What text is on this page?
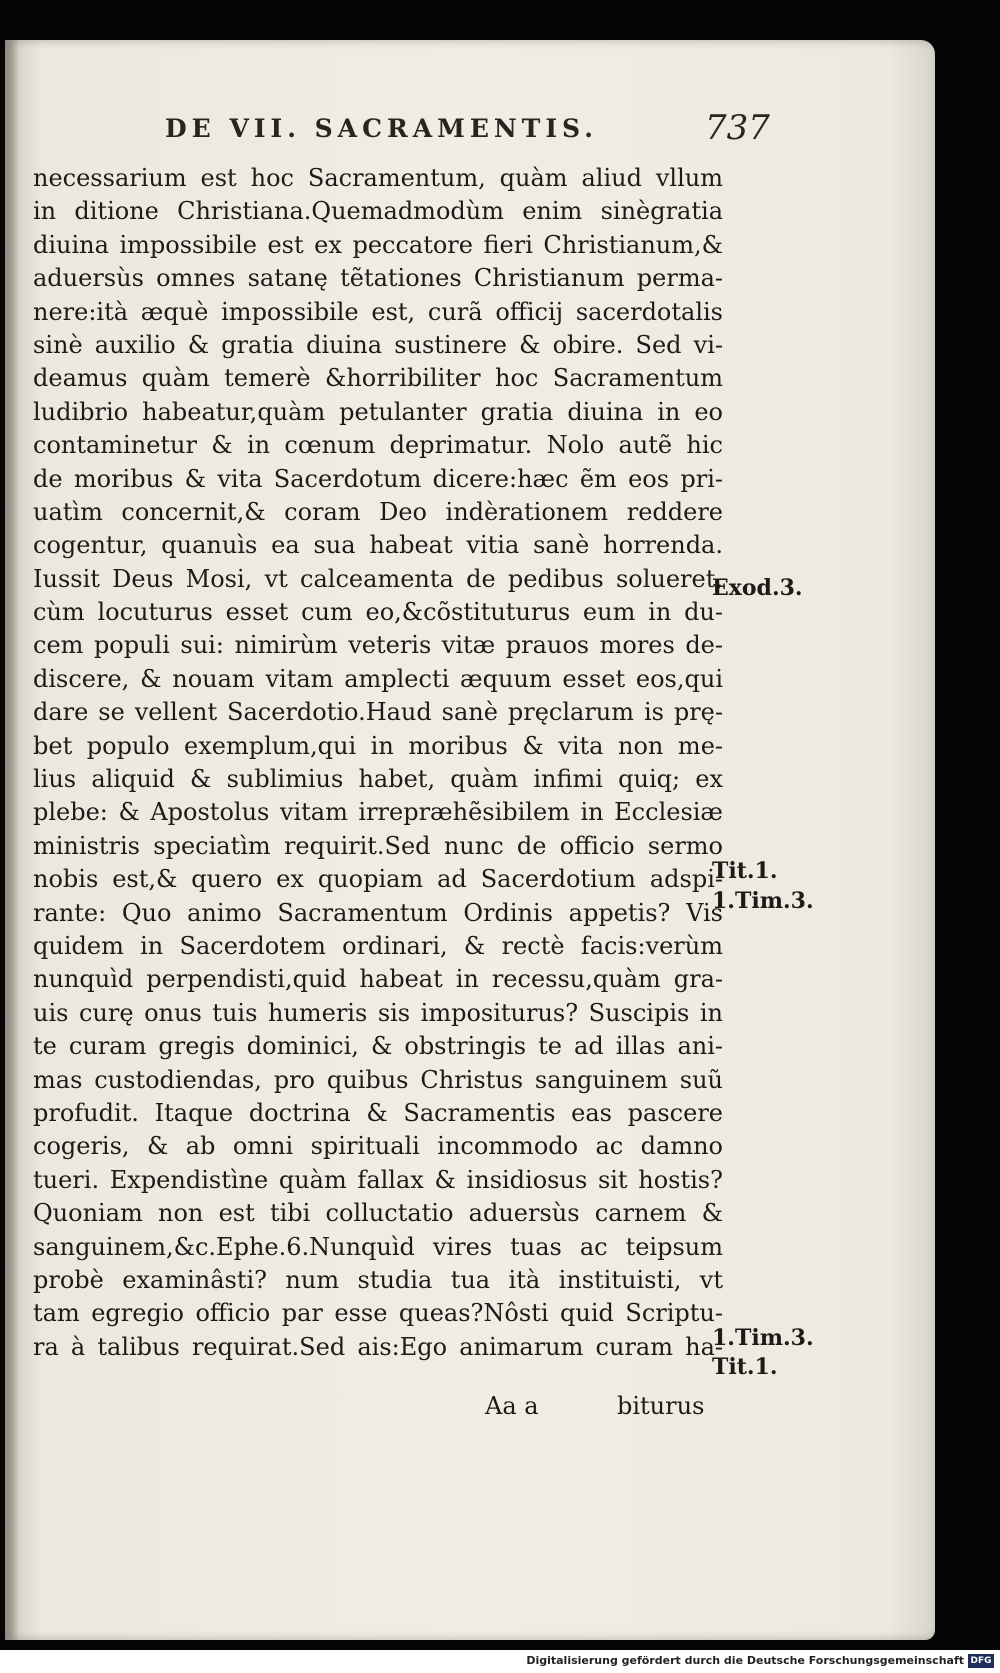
DE VII. SACRAMENTIS.	737
necessarium est hoc Sacramentum, quàm aliud vllum
in ditione Christiana.Quemadmodùm enim sinègratia
diuina impossibile est ex peccatore fieri Christianum,&
aduersùs omnes satanę tẽtationes Christianum perma-
nere:ità æquè impossibile est, curã officij sacerdotalis
sinè auxilio & gratia diuina sustinere & obire. Sed vi-
deamus quàm temerè &horribiliter hoc Sacramentum
ludibrio habeatur,quàm petulanter gratia diuina in eo
contaminetur & in cœnum deprimatur. Nolo autẽ hic
de moribus & vita Sacerdotum dicere:hæc ẽm eos pri-
uatìm concernit,& coram Deo indèrationem reddere
cogentur, quanuìs ea sua habeat vitia sanè horrenda.
Iussit Deus Mosi, vt calceamenta de pedibus solueret,
cùm locuturus esset cum eo,&cõstituturus eum in du-
cem populi sui: nimirùm veteris vitæ prauos mores de-
discere, & nouam vitam amplecti æquum esset eos,qui
dare se vellent Sacerdotio.Haud sanè pręclarum is prę-
bet populo exemplum,qui in moribus & vita non me-
lius aliquid & sublimius habet, quàm infimi quiq; ex
plebe: & Apostolus vitam irrepræhẽsibilem in Ecclesiæ
ministris speciatìm requirit.Sed nunc de officio sermo
nobis est,& quero ex quopiam ad Sacerdotium adspi-
rante: Quo animo Sacramentum Ordinis appetis? Vis
quidem in Sacerdotem ordinari, & rectè facis:verùm
nunquìd perpendisti,quid habeat in recessu,quàm gra-
uis curę onus tuis humeris sis impositurus? Suscipis in
te curam gregis dominici, & obstringis te ad illas ani-
mas custodiendas, pro quibus Christus sanguinem suũ
profudit. Itaque doctrina & Sacramentis eas pascere
cogeris, & ab omni spirituali incommodo ac damno
tueri. Expendistìne quàm fallax & insidiosus sit hostis?
Quoniam non est tibi colluctatio aduersùs carnem &
sanguinem,&c.Ephe.6.Nunquìd vires tuas ac teipsum
probè examinâsti? num studia tua ità instituisti, vt
tam egregio officio par esse queas?Nôsti quid Scriptu-
ra à talibus requirat.Sed ais:Ego animarum curam ha-
Exod.3.
Tit.1.
1.Tim.3.
1.Tim.3.
Tit.1.
Aa a	biturus
Digitalisierung gefördert durch die Deutsche Forschungsgemeinschaft DFG
